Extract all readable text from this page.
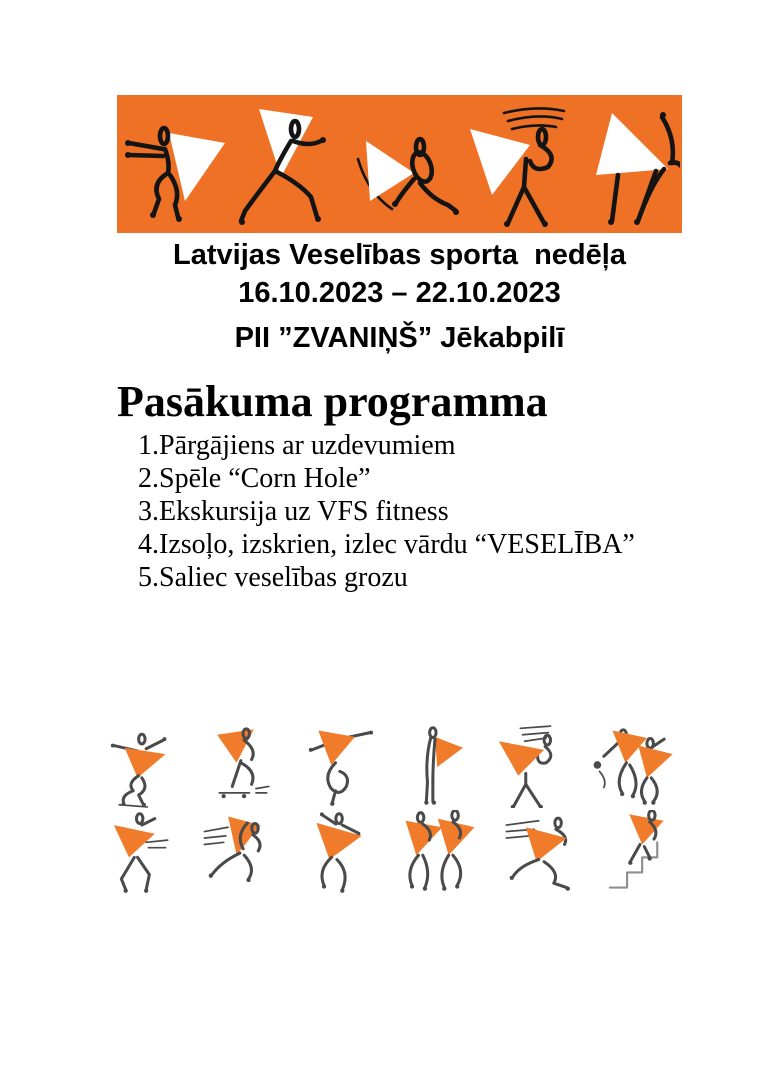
Latvijas Veselības sporta  nedēļa
16.10.2023 – 22.10.2023
PII ”ZVANIŅŠ” Jēkabpilī
Pasākuma programma
1.Pārgājiens ar uzdevumiem
2.Spēle “Corn Hole”
3.Ekskursija uz VFS fitness
4.Izsoļo, izskrien, izlec vārdu “VESELĪBA”
5.Saliec veselības grozu
